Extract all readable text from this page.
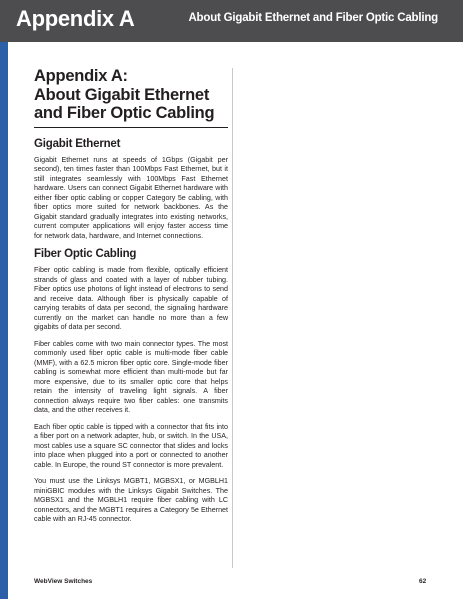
Appendix A	About Gigabit Ethernet and Fiber Optic Cabling
Appendix A:
About Gigabit Ethernet
and Fiber Optic Cabling
Gigabit Ethernet

Gigabit Ethernet runs at speeds of 1Gbps (Gigabit per second), ten times faster than 100Mbps Fast Ethernet, but it still integrates seamlessly with 100Mbps Fast Ethernet hardware. Users can connect Gigabit Ethernet hardware with either fiber optic cabling or copper Category 5e cabling, with fiber optics more suited for network backbones. As the Gigabit standard gradually integrates into existing networks, current computer applications will enjoy faster access time for network data, hardware, and Internet connections.

Fiber Optic Cabling

Fiber optic cabling is made from flexible, optically efficient strands of glass and coated with a layer of rubber tubing. Fiber optics use photons of light instead of electrons to send and receive data. Although fiber is physically capable of carrying terabits of data per second, the signaling hardware currently on the market can handle no more than a few gigabits of data per second.

Fiber cables come with two main connector types. The most commonly used fiber optic cable is multi-mode fiber cable (MMF), with a 62.5 micron fiber optic core. Single-mode fiber cabling is somewhat more efficient than multi-mode but far more expensive, due to its smaller optic core that helps retain the intensity of traveling light signals. A fiber connection always require two fiber cables: one transmits data, and the other receives it.

Each fiber optic cable is tipped with a connector that fits into a fiber port on a network adapter, hub, or switch. In the USA, most cables use a square SC connector that slides and locks into place when plugged into a port or connected to another cable. In Europe, the round ST connector is more prevalent.

You must use the Linksys MGBT1, MGBSX1, or MGBLH1 miniGBIC modules with the Linksys Gigabit Switches. The MGBSX1 and the MGBLH1 require fiber cabling with LC connectors, and the MGBT1 requires a Category 5e Ethernet cable with an RJ-45 connector.

WebView Switches	62
